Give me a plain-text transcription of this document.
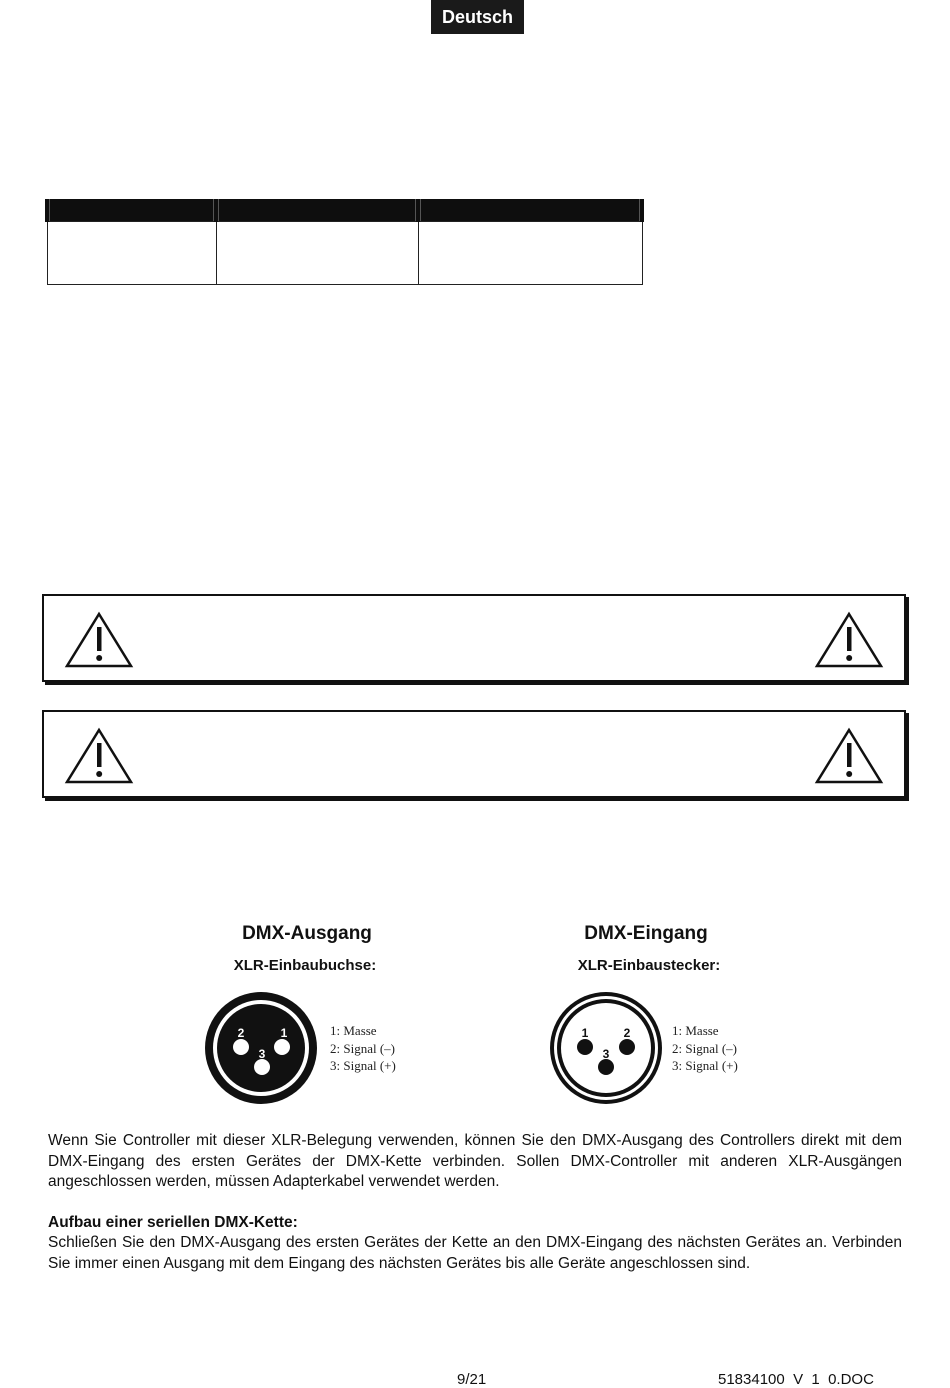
Deutsch

DMX-Ausgang
XLR-Einbaubuchse:
2	1
3
1: Masse
2: Signal (–)
3: Signal (+)
DMX-Eingang
XLR-Einbaustecker:
1	2
3
1: Masse
2: Signal (–)
3: Signal (+)
Wenn Sie Controller mit dieser XLR-Belegung verwenden, können Sie den DMX-Ausgang des Controllers direkt mit dem DMX-Eingang des ersten Gerätes der DMX-Kette verbinden. Sollen DMX-Controller mit anderen XLR-Ausgängen angeschlossen werden, müssen Adapterkabel verwendet werden.
Aufbau einer seriellen DMX-Kette:
Schließen Sie den DMX-Ausgang des ersten Gerätes der Kette an den DMX-Eingang des nächsten Gerätes an. Verbinden Sie immer einen Ausgang mit dem Eingang des nächsten Gerätes bis alle Geräte angeschlossen sind.
9/21	51834100  V  1  0.DOC
